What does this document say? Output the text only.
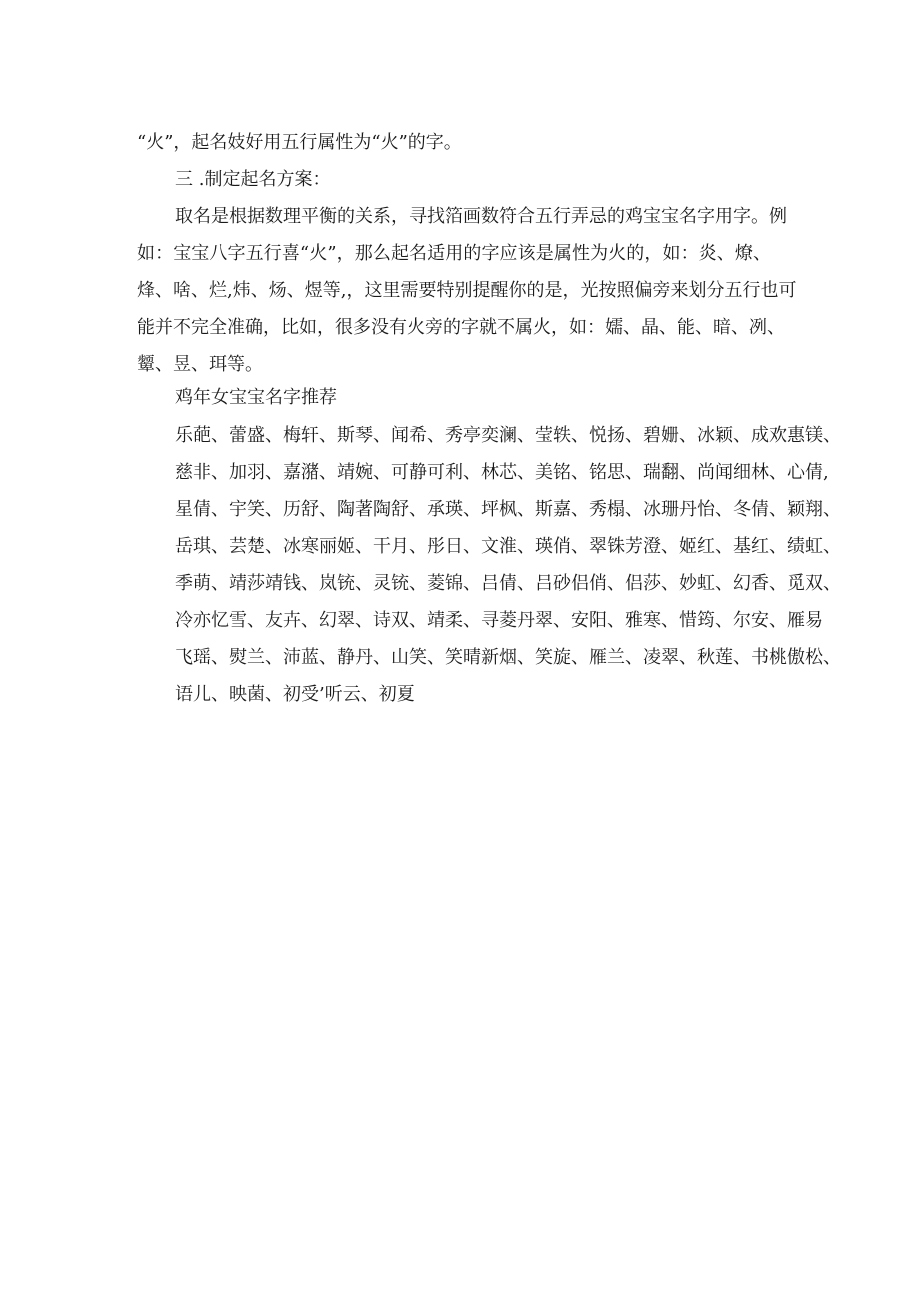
“火”，起名妓好用五行属性为“火”的字。
三 .制定起名方案：
取名是根据数理平衡的关系，寻找箔画数符合五行弄忌的鸡宝宝名字用字。例
如：宝宝八字五行喜“火”，那么起名适用的字应该是属性为火的，如：炎、燎、
烽、啥、烂,炜、炀、煜等,，这里需要特别提醒你的是，光按照偏旁来划分五行也可
能并不完全准确，比如，很多没有火旁的字就不属火，如：嬬、晶、能、暗、冽、
颦、昱、珥等。
鸡年女宝宝名字推荐
乐葩、蕾盛、梅轩、斯琴、闻希、秀亭奕澜、莹轶、悦扬、碧姗、冰颖、成欢惠镁、
慈非、加羽、嘉潴、靖婉、可静可利、林芯、美铭、铭思、瑞翻、尚闻细林、心倩,
星倩、宇笑、历舒、陶著陶舒、承瑛、坪枫、斯嘉、秀榻、冰珊丹怡、冬倩、颖翔、
岳琪、芸楚、冰寒丽姬、干月、彤日、文淮、瑛俏、翠铢芳澄、姬红、基红、绩虹、
季萌、靖莎靖钱、岚铳、灵铳、菱锦、吕倩、吕砂侣俏、侣莎、妙虹、幻香、觅双、
冷亦忆雪、友卉、幻翠、诗双、靖柔、寻菱丹翠、安阳、雅寒、惜筠、尔安、雁易
飞瑶、熨兰、沛蓝、静丹、山笑、笑晴新烟、笑旋、雁兰、凌翠、秋莲、书桃傲松、
语儿、映菌、初受’听云、初夏
